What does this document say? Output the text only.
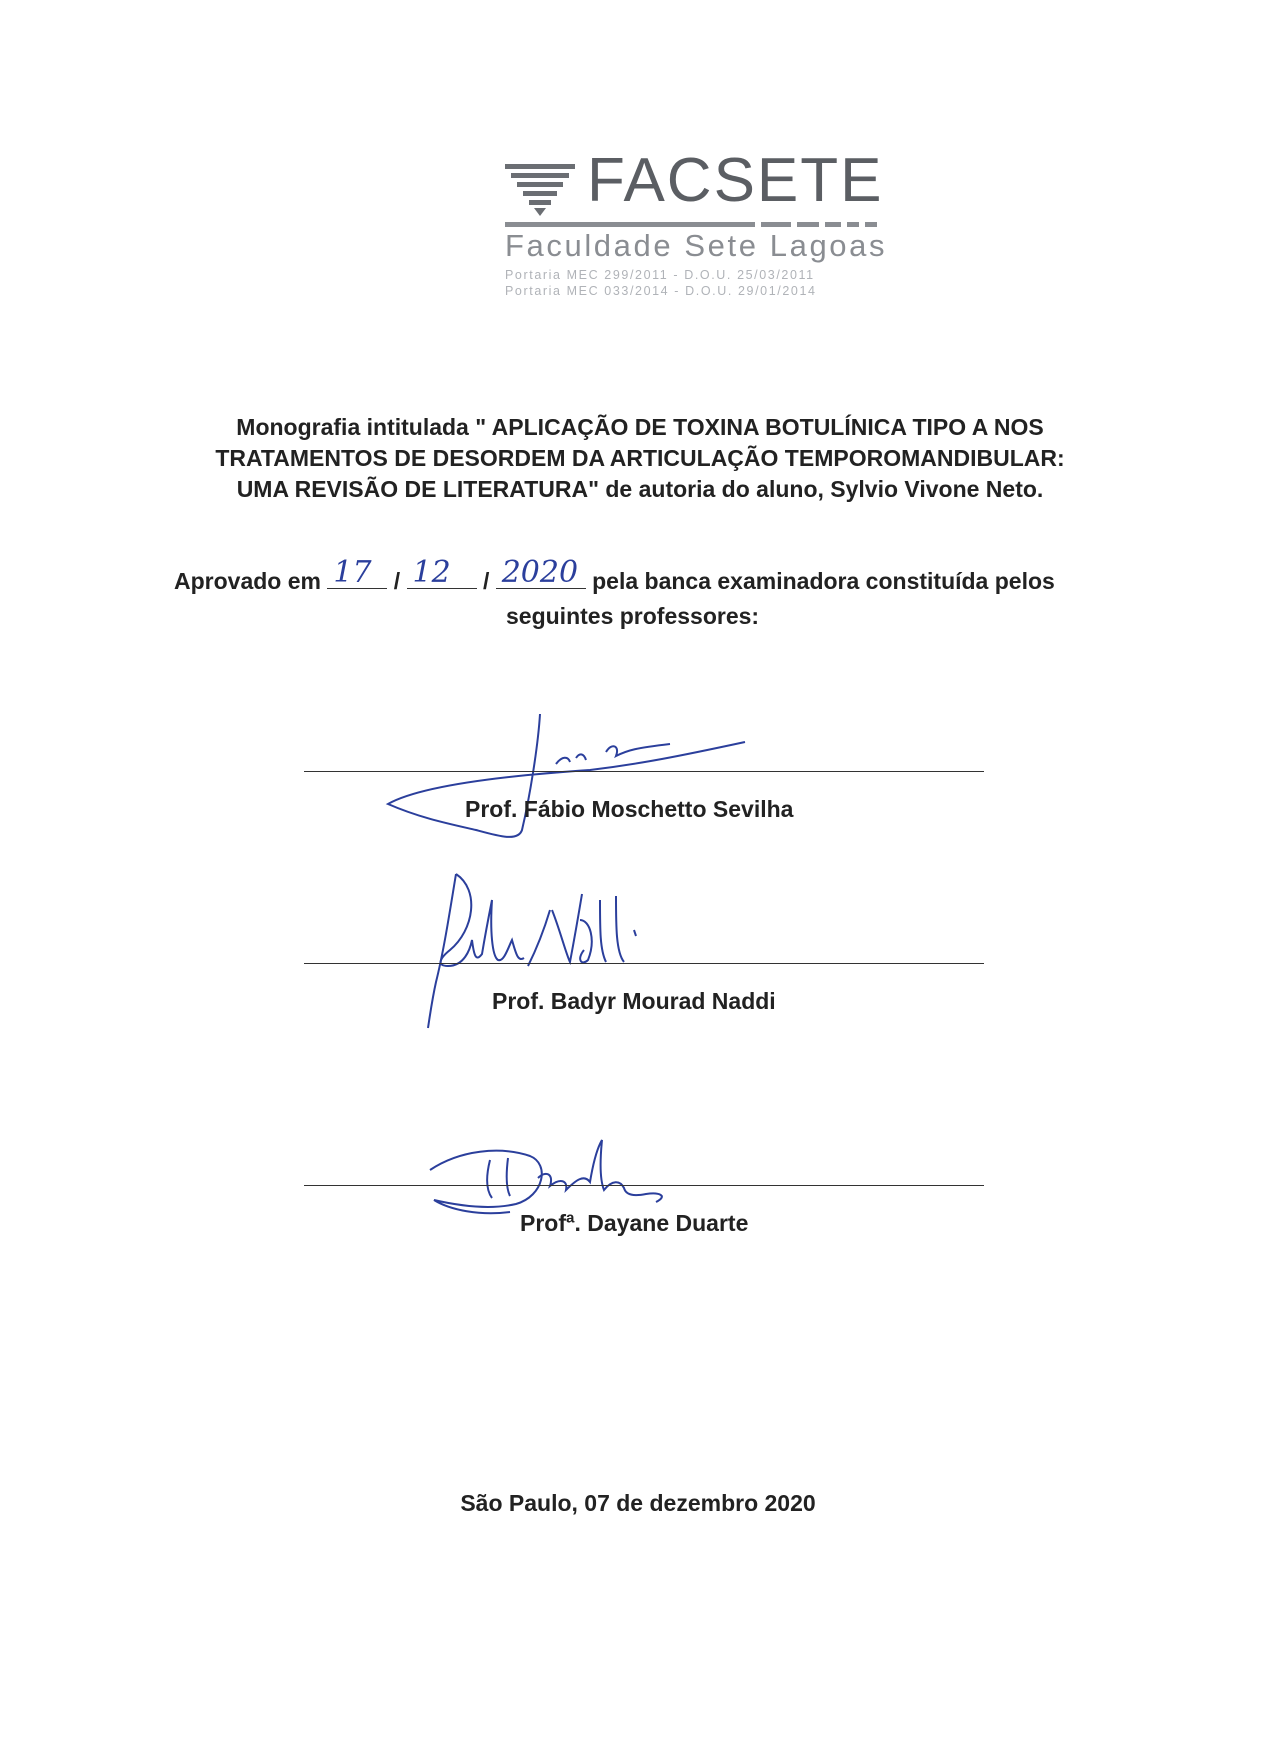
FACSETE
Faculdade Sete Lagoas
Portaria MEC 299/2011 - D.O.U. 25/03/2011
Portaria MEC 033/2014 - D.O.U. 29/01/2014
Monografia intitulada " APLICAÇÃO DE TOXINA BOTULÍNICA TIPO A NOS
TRATAMENTOS DE DESORDEM DA ARTICULAÇÃO TEMPOROMANDIBULAR:
UMA REVISÃO DE LITERATURA" de autoria do aluno, Sylvio Vivone Neto.
Aprovado em 17 / 12 / 2020 pela banca examinadora constituída pelos
seguintes professores:
Prof. Fábio Moschetto Sevilha
Prof. Badyr Mourad Naddi
Profª. Dayane Duarte
São Paulo, 07 de dezembro 2020
